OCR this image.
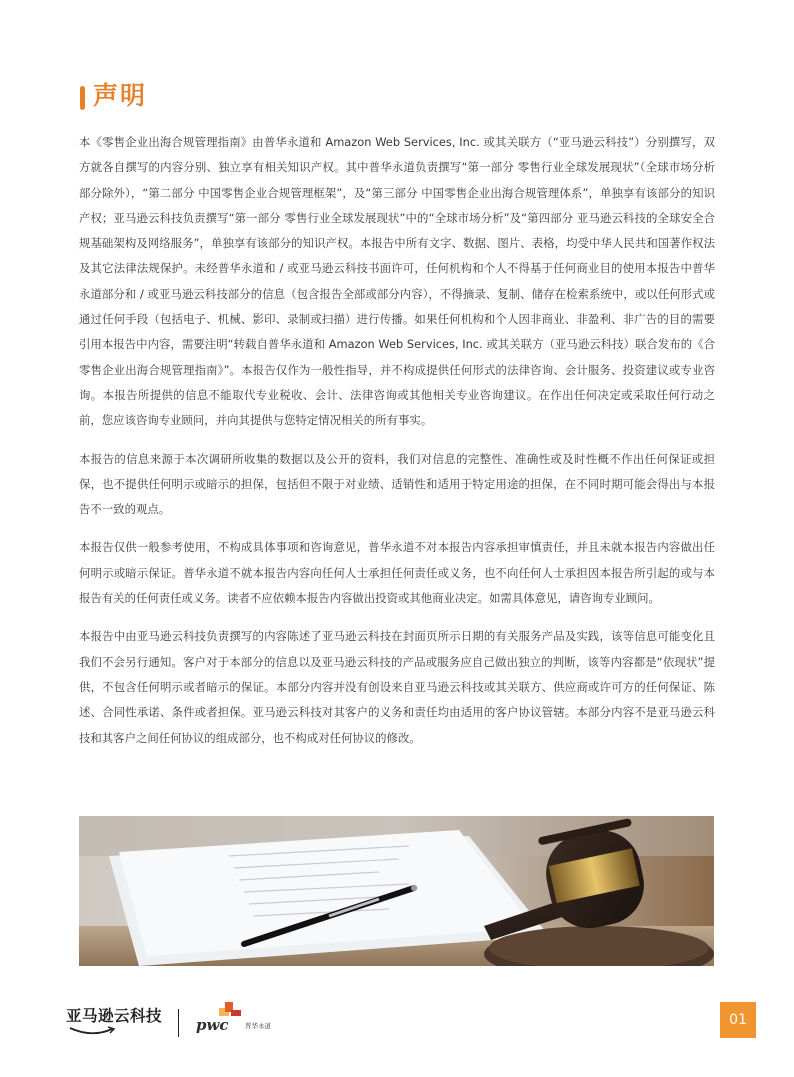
声明

本《零售企业出海合规管理指南》由普华永道和 Amazon Web Services, Inc. 或其关联方（“亚马逊云科技”）分别撰写，双方就各自撰写的内容分别、独立享有相关知识产权。其中普华永道负责撰写“第一部分 零售行业全球发展现状”（全球市场分析部分除外），“第二部分 中国零售企业合规管理框架”，及“第三部分 中国零售企业出海合规管理体系”，单独享有该部分的知识产权；亚马逊云科技负责撰写“第一部分 零售行业全球发展现状”中的“全球市场分析”及“第四部分 亚马逊云科技的全球安全合规基础架构及网络服务”，单独享有该部分的知识产权。本报告中所有文字、数据、图片、表格，均受中华人民共和国著作权法及其它法律法规保护。未经普华永道和 / 或亚马逊云科技书面许可，任何机构和个人不得基于任何商业目的使用本报告中普华永道部分和 / 或亚马逊云科技部分的信息（包含报告全部或部分内容），不得摘录、复制、储存在检索系统中，或以任何形式或通过任何手段（包括电子、机械、影印、录制或扫描）进行传播。如果任何机构和个人因非商业、非盈利、非广告的目的需要引用本报告中内容，需要注明“转载自普华永道和 Amazon Web Services, Inc. 或其关联方（亚马逊云科技）联合发布的《合零售企业出海合规管理指南》”。本报告仅作为一般性指导，并不构成提供任何形式的法律咨询、会计服务、投资建议或专业咨询。本报告所提供的信息不能取代专业税收、会计、法律咨询或其他相关专业咨询建议。在作出任何决定或采取任何行动之前，您应该咨询专业顾问，并向其提供与您特定情况相关的所有事实。

本报告的信息来源于本次调研所收集的数据以及公开的资料，我们对信息的完整性、准确性或及时性概不作出任何保证或担保，也不提供任何明示或暗示的担保，包括但不限于对业绩、适销性和适用于特定用途的担保，在不同时期可能会得出与本报告不一致的观点。

本报告仅供一般参考使用，不构成具体事项和咨询意见，普华永道不对本报告内容承担审慎责任，并且未就本报告内容做出任何明示或暗示保证。普华永道不就本报告内容向任何人士承担任何责任或义务，也不向任何人士承担因本报告所引起的或与本报告有关的任何责任或义务。读者不应依赖本报告内容做出投资或其他商业决定。如需具体意见，请咨询专业顾问。

本报告中由亚马逊云科技负责撰写的内容陈述了亚马逊云科技在封面页所示日期的有关服务产品及实践，该等信息可能变化且我们不会另行通知。客户对于本部分的信息以及亚马逊云科技的产品或服务应自己做出独立的判断，该等内容都是“依现状”提供，不包含任何明示或者暗示的保证。本部分内容并没有创设来自亚马逊云科技或其关联方、供应商或许可方的任何保证、陈述、合同性承诺、条件或者担保。亚马逊云科技对其客户的义务和责任均由适用的客户协议管辖。本部分内容不是亚马逊云科技和其客户之间任何协议的组成部分，也不构成对任何协议的修改。

亚马逊云科技 pwc	普华永道	01
